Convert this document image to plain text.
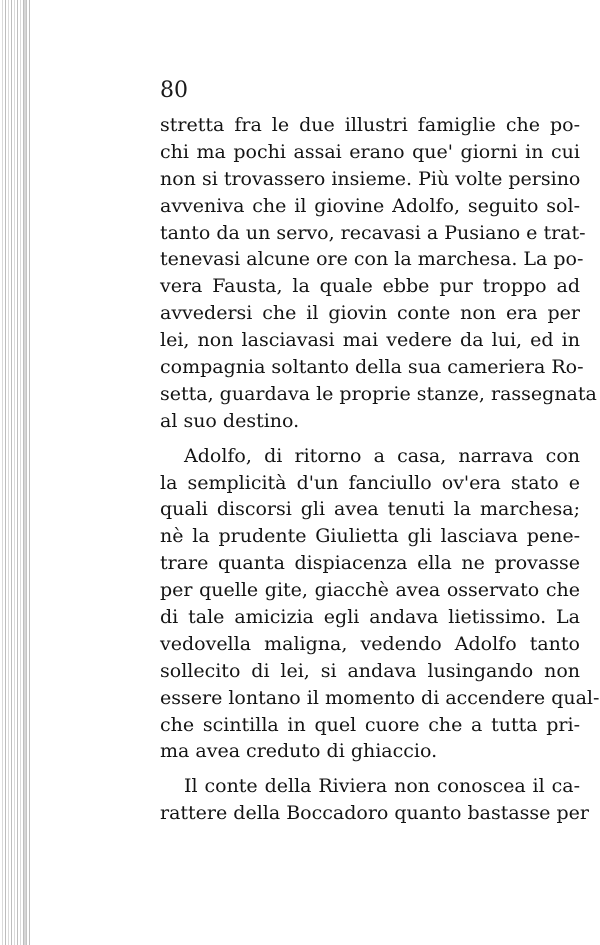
80
stretta fra le due illustri famiglie che po-
chi ma pochi assai erano que' giorni in cui
non si trovassero insieme. Più volte persino
avveniva che il giovine Adolfo, seguito sol-
tanto da un servo, recavasi a Pusiano e trat-
tenevasi alcune ore con la marchesa. La po-
vera Fausta, la quale ebbe pur troppo ad
avvedersi che il giovin conte non era per
lei, non lasciavasi mai vedere da lui, ed in
compagnia soltanto della sua cameriera Ro-
setta, guardava le proprie stanze, rassegnata
al suo destino.
Adolfo, di ritorno a casa, narrava con
la semplicità d'un fanciullo ov'era stato e
quali discorsi gli avea tenuti la marchesa;
nè la prudente Giulietta gli lasciava pene-
trare quanta dispiacenza ella ne provasse
per quelle gite, giacchè avea osservato che
di tale amicizia egli andava lietissimo. La
vedovella maligna, vedendo Adolfo tanto
sollecito di lei, si andava lusingando non
essere lontano il momento di accendere qual-
che scintilla in quel cuore che a tutta pri-
ma avea creduto di ghiaccio.
Il conte della Riviera non conoscea il ca-
rattere della Boccadoro quanto bastasse per
